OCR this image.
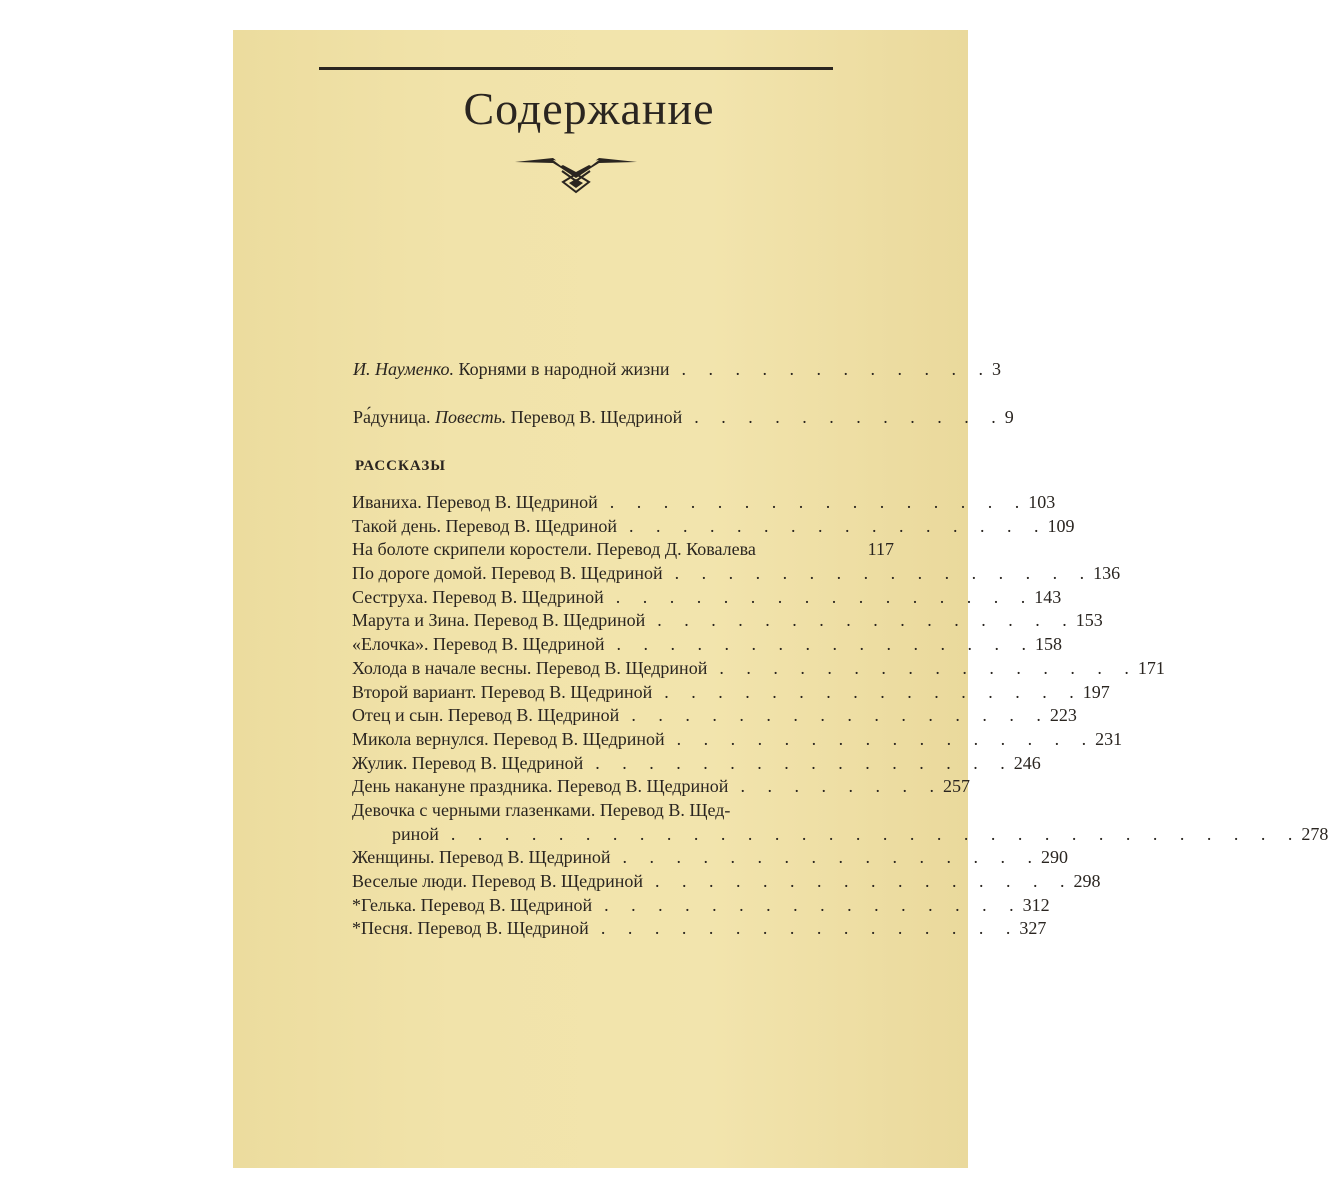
Содержание
И. Науменко. Корнями в народной жизни . . . . . . . . . . . . 3
Ра́дуница. Повесть. Перевод В. Щедриной . . . . . . . . . . . . 9
РАССКАЗЫ
Иваниха. Перевод В. Щедриной . . . . . . . . . . . . . . . . 103
Такой день. Перевод В. Щедриной . . . . . . . . . . . . . . . . 109
На болоте скрипели коростели. Перевод Д. Ковалева	117
По дороге домой. Перевод В. Щедриной . . . . . . . . . . . . . . . . 136
Сеструха. Перевод В. Щедриной . . . . . . . . . . . . . . . . 143
Марута и Зина. Перевод В. Щедриной . . . . . . . . . . . . . . . . 153
«Елочка». Перевод В. Щедриной . . . . . . . . . . . . . . . . 158
Холода в начале весны. Перевод В. Щедриной . . . . . . . . . . . . . . . . 171
Второй вариант. Перевод В. Щедриной . . . . . . . . . . . . . . . . 197
Отец и сын. Перевод В. Щедриной . . . . . . . . . . . . . . . . 223
Микола вернулся. Перевод В. Щедриной . . . . . . . . . . . . . . . . 231
Жулик. Перевод В. Щедриной . . . . . . . . . . . . . . . . 246
День накануне праздника. Перевод В. Щедриной . . . . . . . . 257
Девочка с черными глазенками. Перевод В. Щед-
риной . . . . . . . . . . . . . . . . . . . . . . . . . . . . . . . . 278
Женщины. Перевод В. Щедриной . . . . . . . . . . . . . . . . 290
Веселые люди. Перевод В. Щедриной . . . . . . . . . . . . . . . . 298
*Гелька. Перевод В. Щедриной . . . . . . . . . . . . . . . . 312
*Песня. Перевод В. Щедриной . . . . . . . . . . . . . . . . 327
